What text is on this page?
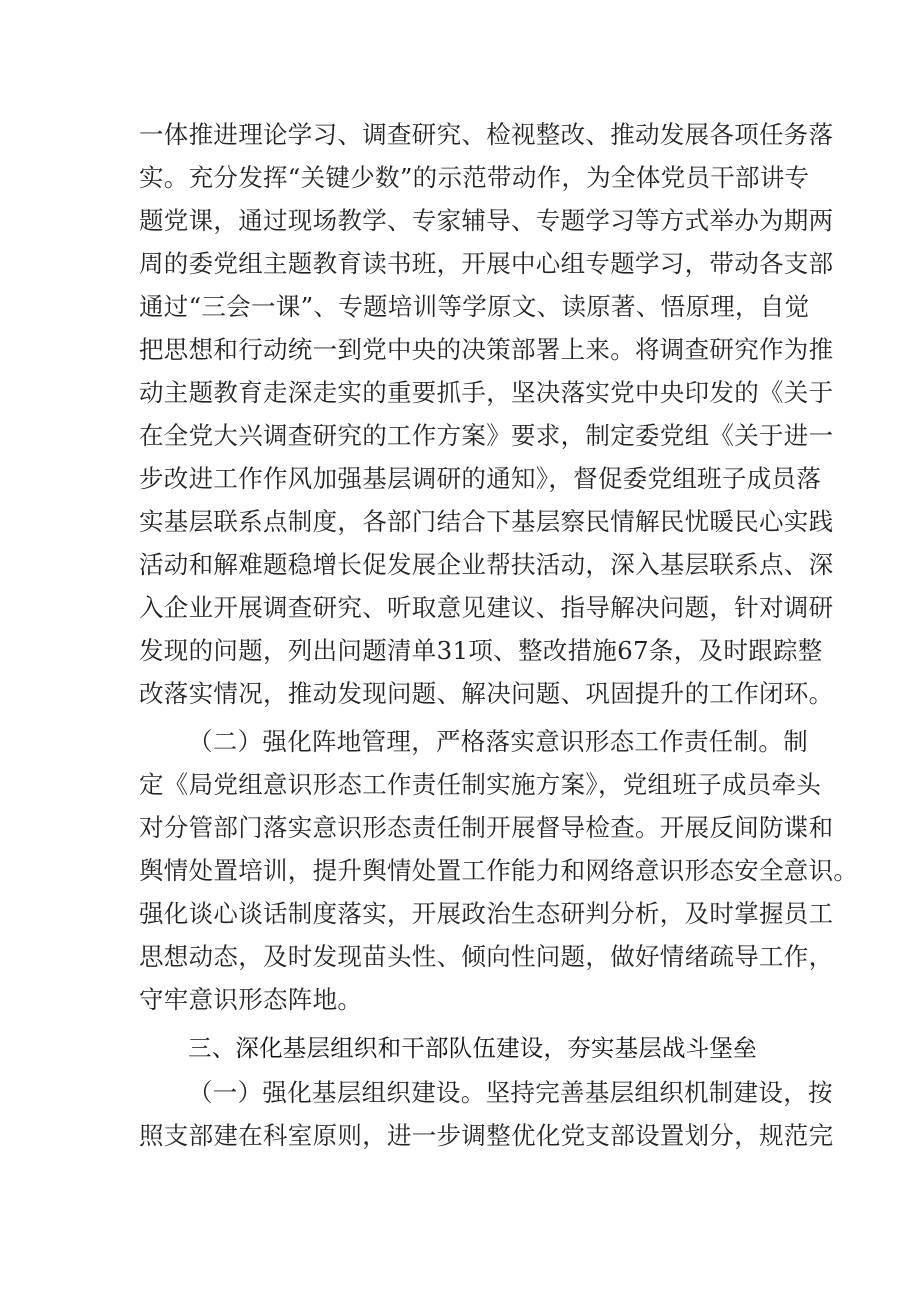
一体推进理论学习、调查研究、检视整改、推动发展各项任务落

实。充分发挥“关键少数”的示范带动作，为全体党员干部讲专

题党课，通过现场教学、专家辅导、专题学习等方式举办为期两

周的委党组主题教育读书班，开展中心组专题学习，带动各支部

通过“三会一课”、专题培训等学原文、读原著、悟原理，自觉

把思想和行动统一到党中央的决策部署上来。将调查研究作为推

动主题教育走深走实的重要抓手，坚决落实党中央印发的《关于

在全党大兴调查研究的工作方案》要求，制定委党组《关于进一

步改进工作作风加强基层调研的通知》，督促委党组班子成员落

实基层联系点制度，各部门结合下基层察民情解民忧暖民心实践

活动和解难题稳增长促发展企业帮扶活动，深入基层联系点、深

入企业开展调查研究、听取意见建议、指导解决问题，针对调研

发现的问题，列出问题清单31项、整改措施67条，及时跟踪整

改落实情况，推动发现问题、解决问题、巩固提升的工作闭环。

（二）强化阵地管理，严格落实意识形态工作责任制。制

定《局党组意识形态工作责任制实施方案》，党组班子成员牵头

对分管部门落实意识形态责任制开展督导检查。开展反间防谍和

舆情处置培训，提升舆情处置工作能力和网络意识形态安全意识。

强化谈心谈话制度落实，开展政治生态研判分析，及时掌握员工

思想动态，及时发现苗头性、倾向性问题，做好情绪疏导工作，

守牢意识形态阵地。

三、深化基层组织和干部队伍建设，夯实基层战斗堡垒

（一）强化基层组织建设。坚持完善基层组织机制建设，按

照支部建在科室原则，进一步调整优化党支部设置划分，规范完
